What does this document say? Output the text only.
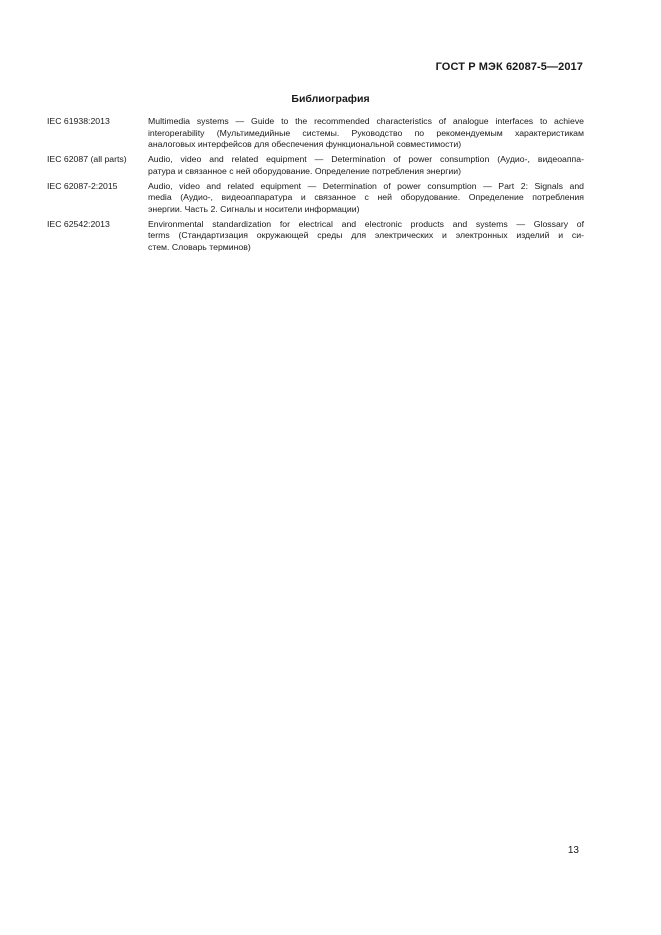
ГОСТ Р МЭК 62087-5—2017
Библиография
IEC 61938:2013	Multimedia systems — Guide to the recommended characteristics of analogue interfaces to achieve
interoperability (Мультимедийные системы. Руководство по рекомендуемым характеристикам
аналоговых интерфейсов для обеспечения функциональной совместимости)
IEC 62087 (all parts)	Audio, video and related equipment — Determination of power consumption (Аудио-, видеоаппа-
ратура и связанное с ней оборудование. Определение потребления энергии)
IEC 62087-2:2015	Audio, video and related equipment — Determination of power consumption — Part 2: Signals and
media (Аудио-, видеоаппаратура и связанное с ней оборудование. Определение потребления
энергии. Часть 2. Сигналы и носители информации)
IEC 62542:2013	Environmental standardization for electrical and electronic products and systems — Glossary of
terms (Стандартизация окружающей среды для электрических и электронных изделий и си-
стем. Словарь терминов)
13
